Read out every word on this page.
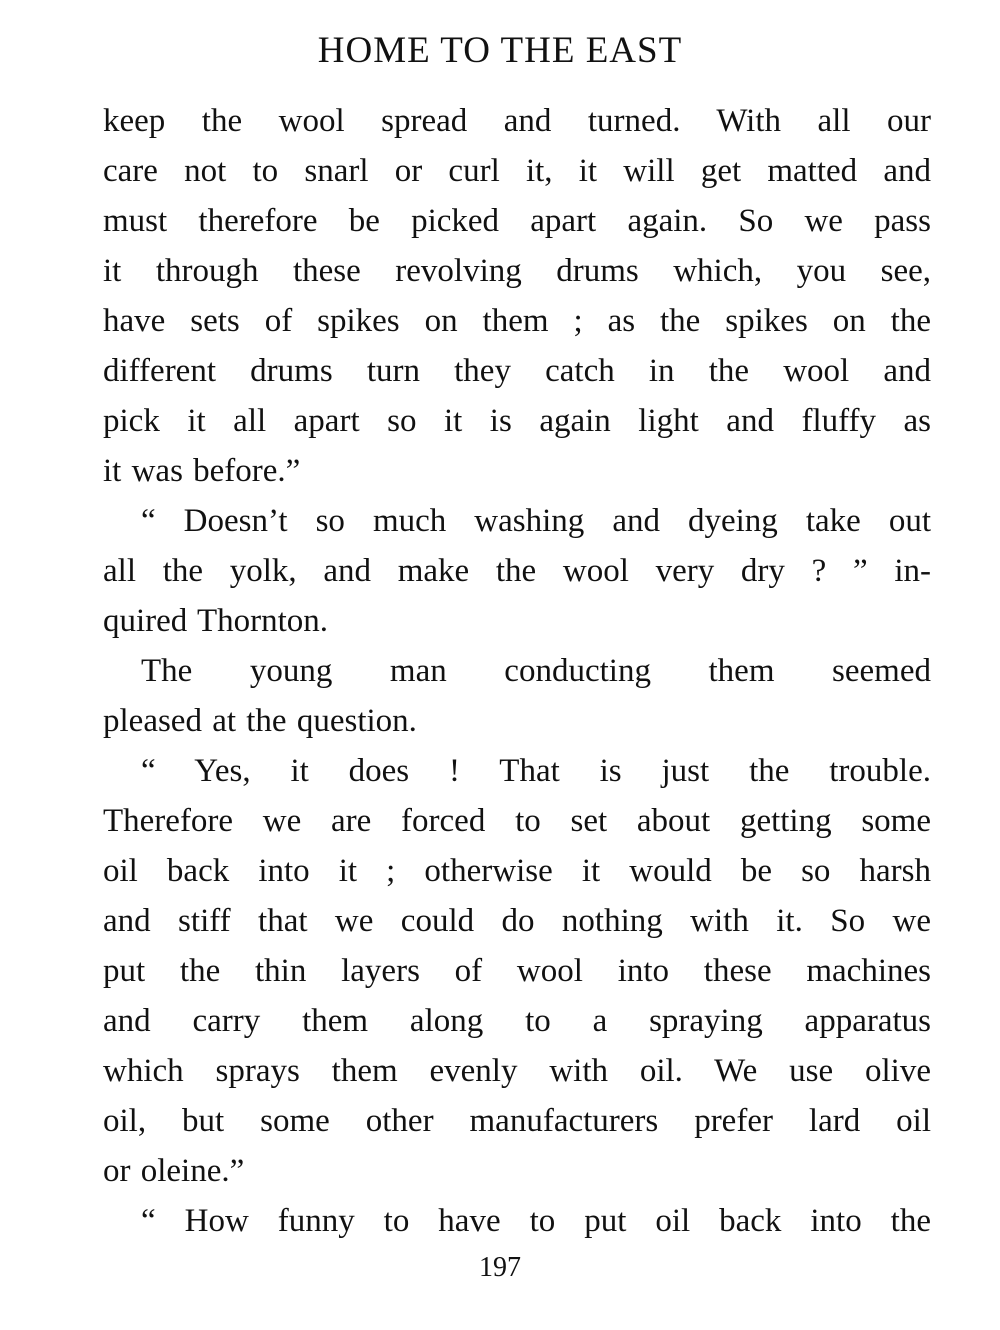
HOME TO THE EAST
keep the wool spread and turned. With all our
care not to snarl or curl it, it will get matted and
must therefore be picked apart again. So we pass
it through these revolving drums which, you see,
have sets of spikes on them ; as the spikes on the
different drums turn they catch in the wool and
pick it all apart so it is again light and fluffy as
it was before.”
“ Doesn’t so much washing and dyeing take out
all the yolk, and make the wool very dry ? ” in-
quired Thornton.
The young man conducting them seemed
pleased at the question.
“ Yes, it does ! That is just the trouble.
Therefore we are forced to set about getting some
oil back into it ; otherwise it would be so harsh
and stiff that we could do nothing with it. So we
put the thin layers of wool into these machines
and carry them along to a spraying apparatus
which sprays them evenly with oil. We use olive
oil, but some other manufacturers prefer lard oil
or oleine.”
“ How funny to have to put oil back into the
197
